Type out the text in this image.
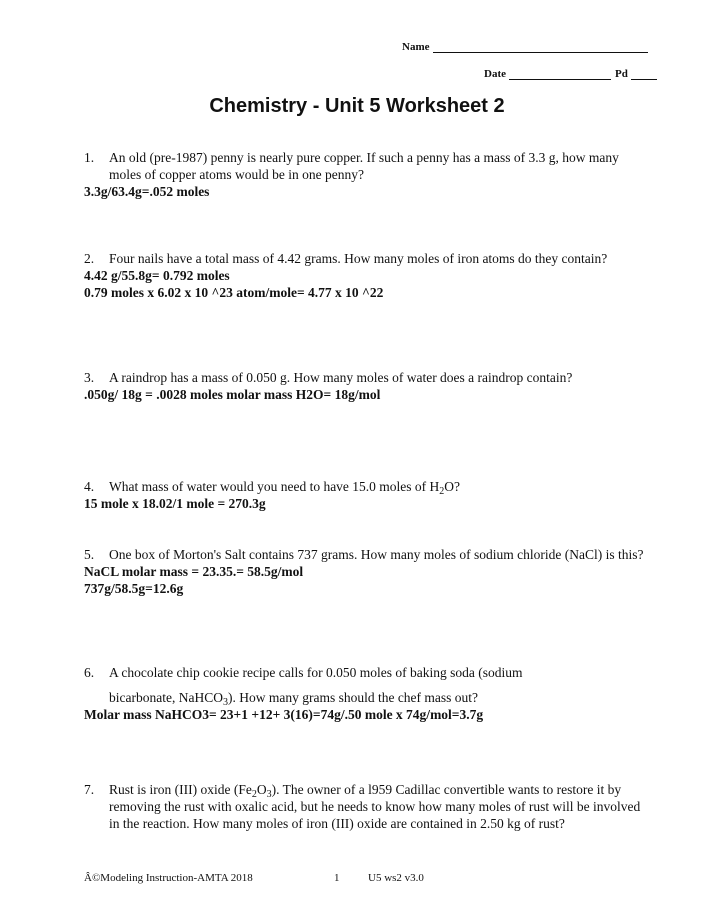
Name
Date	Pd
Chemistry - Unit 5 Worksheet 2
1.	An old (pre-1987) penny is nearly pure copper. If such a penny has a mass of 3.3 g, how many moles of copper atoms would be in one penny?
3.3g/63.4g=.052 moles
2.	Four nails have a total mass of 4.42 grams. How many moles of iron atoms do they contain?
4.42 g/55.8g= 0.792 moles
0.79 moles x 6.02 x 10 ^23 atom/mole= 4.77 x 10 ^22
3.	A raindrop has a mass of 0.050 g. How many moles of water does a raindrop contain?
.050g/ 18g = .0028 moles molar mass H2O= 18g/mol
4.	What mass of water would you need to have 15.0 moles of $H_2O$?
15 mole x 18.02/1 mole = 270.3g
5.	One box of Morton's Salt contains 737 grams. How many moles of sodium chloride (NaCl) is this?
NaCL molar mass = 23.35.= 58.5g/mol
737g/58.5g=12.6g
6.	A chocolate chip cookie recipe calls for 0.050 moles of baking soda (sodium
bicarbonate, NaHCO$_3$). How many grams should the chef mass out?
Molar mass NaHCO3= 23+1 +12+ 3(16)=74g/.50 mole x 74g/mol=3.7g
7.	Rust is iron (III) oxide $(Fe_2O_3)$. The owner of a l959 Cadillac convertible wants to restore it by removing the rust with oxalic acid, but he needs to know how many moles of rust will be involved in the reaction. How many moles of iron (III) oxide are contained in 2.50 kg of rust?
Â©Modeling Instruction-AMTA 2018	1	U5 ws2 v3.0
